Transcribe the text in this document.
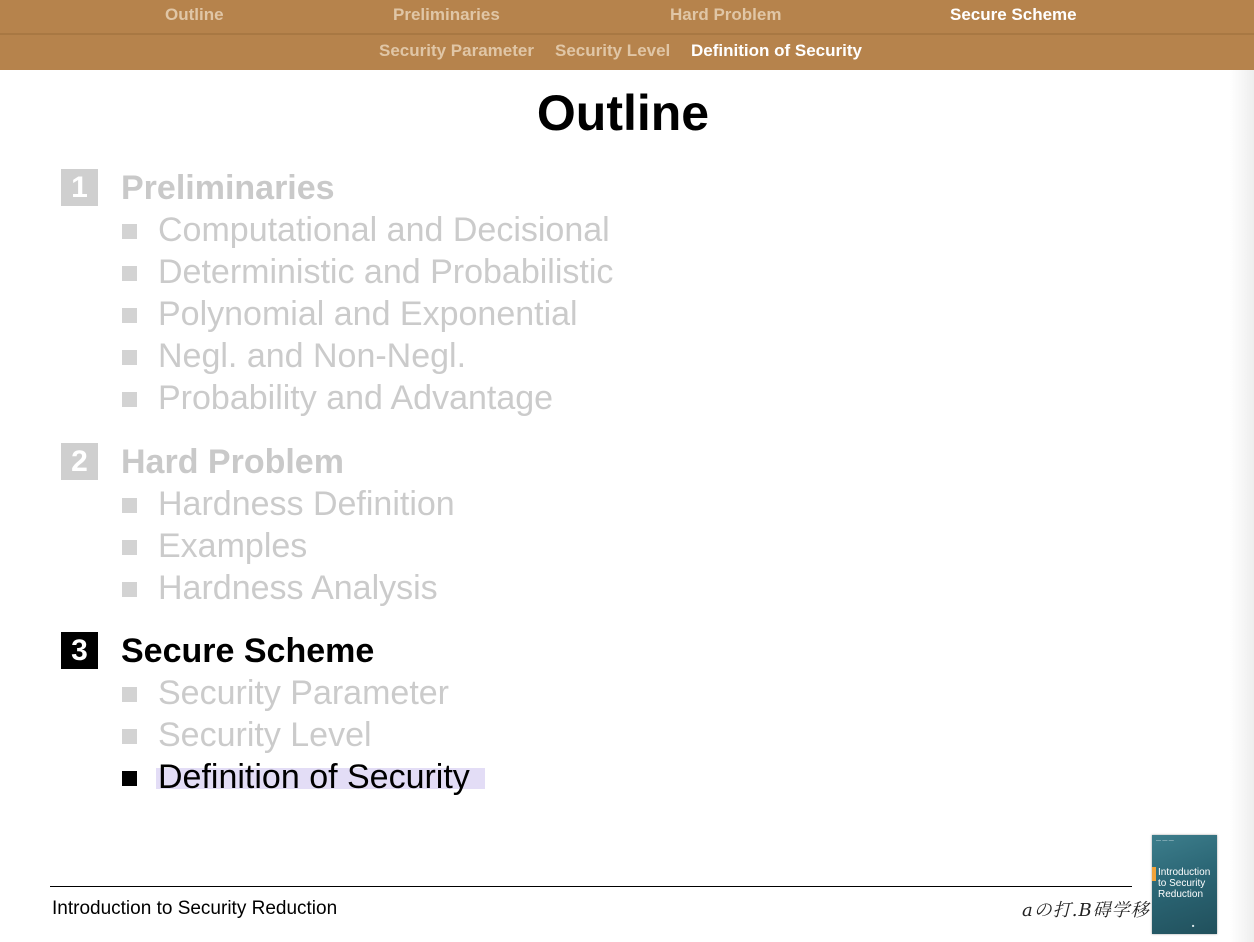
Outline	Preliminaries	Hard Problem	Secure Scheme
Security Parameter Security Level Definition of Security
Outline
1 Preliminaries
Computational and Decisional
Deterministic and Probabilistic
Polynomial and Exponential
Negl. and Non-Negl.
Probability and Advantage
2 Hard Problem
Hardness Definition
Examples
Hardness Analysis
3 Secure Scheme
Security Parameter
Security Level
Definition of Security
Introduction to Security Reduction	aの打.B碍学移
— — —
Introduction to Security Reduction
■
